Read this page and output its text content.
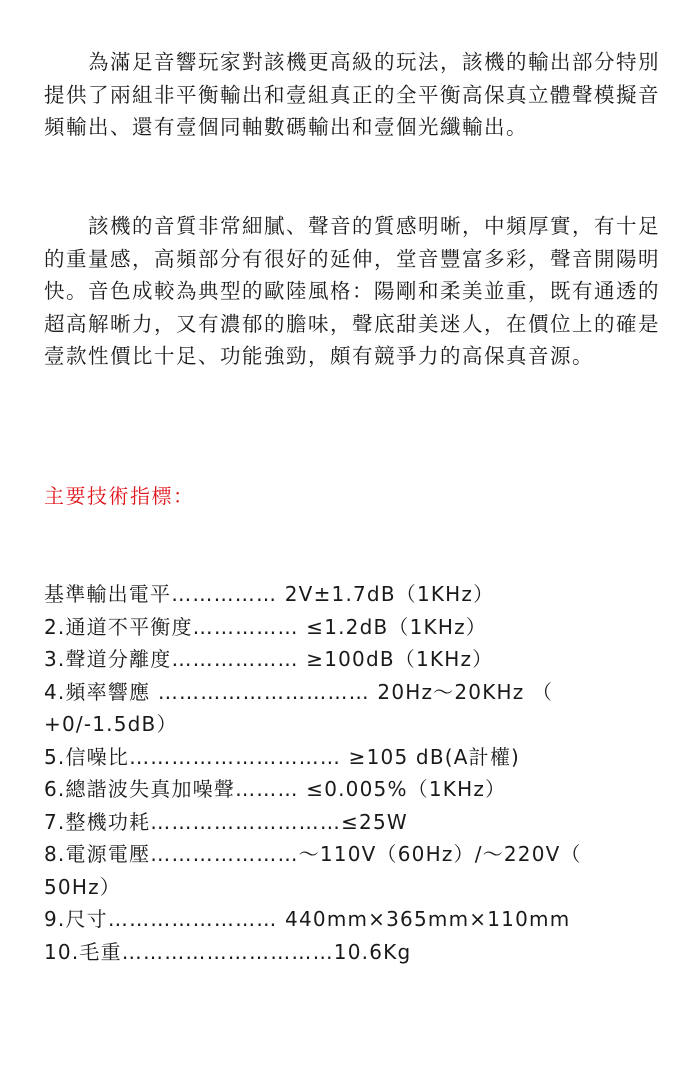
為滿足音響玩家對該機更高級的玩法，該機的輸出部分特別提供了兩組非平衡輸出和壹組真正的全平衡高保真立體聲模擬音頻輸出、還有壹個同軸數碼輸出和壹個光纖輸出。
該機的音質非常細膩、聲音的質感明晰，中頻厚實，有十足的重量感，高頻部分有很好的延伸，堂音豐富多彩，聲音開陽明快。音色成較為典型的歐陸風格：陽剛和柔美並重，既有通透的超高解晰力，又有濃郁的膽味，聲底甜美迷人，在價位上的確是壹款性價比十足、功能強勁，頗有競爭力的高保真音源。
主要技術指標：
基準輸出電平…………… 2V±1.7dB（1KHz）
2.通道不平衡度…………… ≤1.2dB（1KHz）
3.聲道分離度……………… ≥100dB（1KHz）
4.頻率響應 ………………………… 20Hz～20KHz （
+0/-1.5dB）
5.信噪比………………………… ≥105 dB(A計權)
6.總諧波失真加噪聲……… ≤0.005%（1KHz）
7.整機功耗………………………≤25W
8.電源電壓…………………～110V（60Hz）/～220V（
50Hz）
9.尺寸…………………… 440mm×365mm×110mm
10.毛重…………………………10.6Kg
